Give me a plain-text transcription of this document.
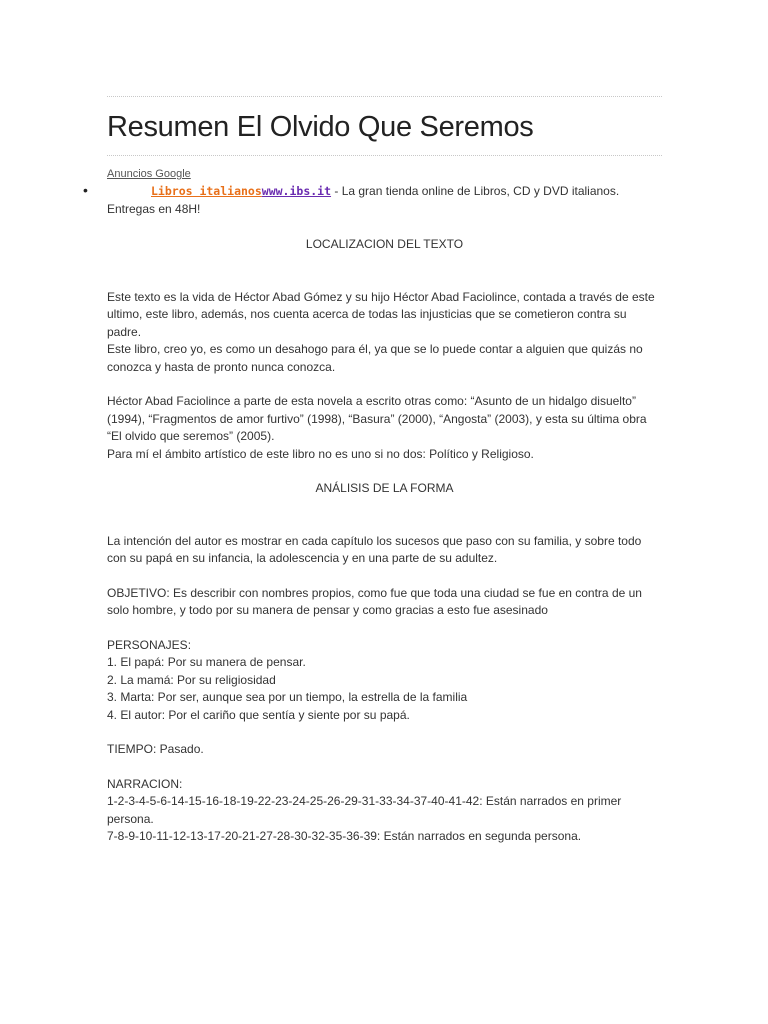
Resumen El Olvido Que Seremos
Anuncios Google
•	Libros italianoswww.ibs.it - La gran tienda online de Libros, CD y DVD italianos. Entregas en 48H!

LOCALIZACION DEL TEXTO

Este texto es la vida de Héctor Abad Gómez y su hijo Héctor Abad Faciolince, contada a través de este ultimo, este libro, además, nos cuenta acerca de todas las injusticias que se cometieron contra su padre.

Este libro, creo yo, es como un desahogo para él, ya que se lo puede contar a alguien que quizás no conozca y hasta de pronto nunca conozca.

Héctor Abad Faciolince a parte de esta novela a escrito otras como: “Asunto de un hidalgo disuelto” (1994), “Fragmentos de amor furtivo” (1998), “Basura” (2000), “Angosta” (2003), y esta su última obra “El olvido que seremos” (2005).

Para mí el ámbito artístico de este libro no es uno si no dos: Político y Religioso.

ANÁLISIS DE LA FORMA

La intención del autor es mostrar en cada capítulo los sucesos que paso con su familia, y sobre todo con su papá en su infancia, la adolescencia y en una parte de su adultez.

OBJETIVO: Es describir con nombres propios, como fue que toda una ciudad se fue en contra de un solo hombre, y todo por su manera de pensar y como gracias a esto fue asesinado

PERSONAJES:

1. El papá: Por su manera de pensar.

2. La mamá: Por su religiosidad

3. Marta: Por ser, aunque sea por un tiempo, la estrella de la familia

4. El autor: Por el cariño que sentía y siente por su papá.

TIEMPO: Pasado.

NARRACION:

1-2-3-4-5-6-14-15-16-18-19-22-23-24-25-26-29-31-33-34-37-40-41-42: Están narrados en primer persona.

7-8-9-10-11-12-13-17-20-21-27-28-30-32-35-36-39: Están narrados en segunda persona.
